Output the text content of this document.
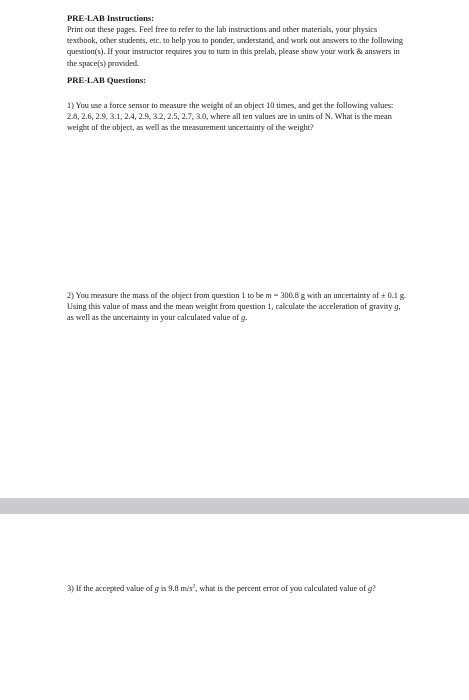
PRE-LAB Instructions:

Print out these pages. Feel free to refer to the lab instructions and other materials, your physics textbook, other students, etc. to help you to ponder, understand, and work out answers to the following question(s). If your instructor requires you to turn in this prelab, please show your work & answers in the space(s) provided.

PRE-LAB Questions:

1) You use a force sensor to measure the weight of an object 10 times, and get the following values: 2.8, 2.6, 2.9, 3.1, 2.4, 2.9, 3.2, 2.5, 2.7, 3.0, where all ten values are in units of N. What is the mean weight of the object, as well as the measurement uncertainty of the weight?

2) You measure the mass of the object from question 1 to be m = 300.8 g with an uncertainty of ± 0.1 g. Using this value of mass and the mean weight from question 1, calculate the acceleration of gravity g, as well as the uncertainty in your calculated value of g.

3) If the accepted value of g is 9.8 $m/s^2$, what is the percent error of you calculated value of g?
